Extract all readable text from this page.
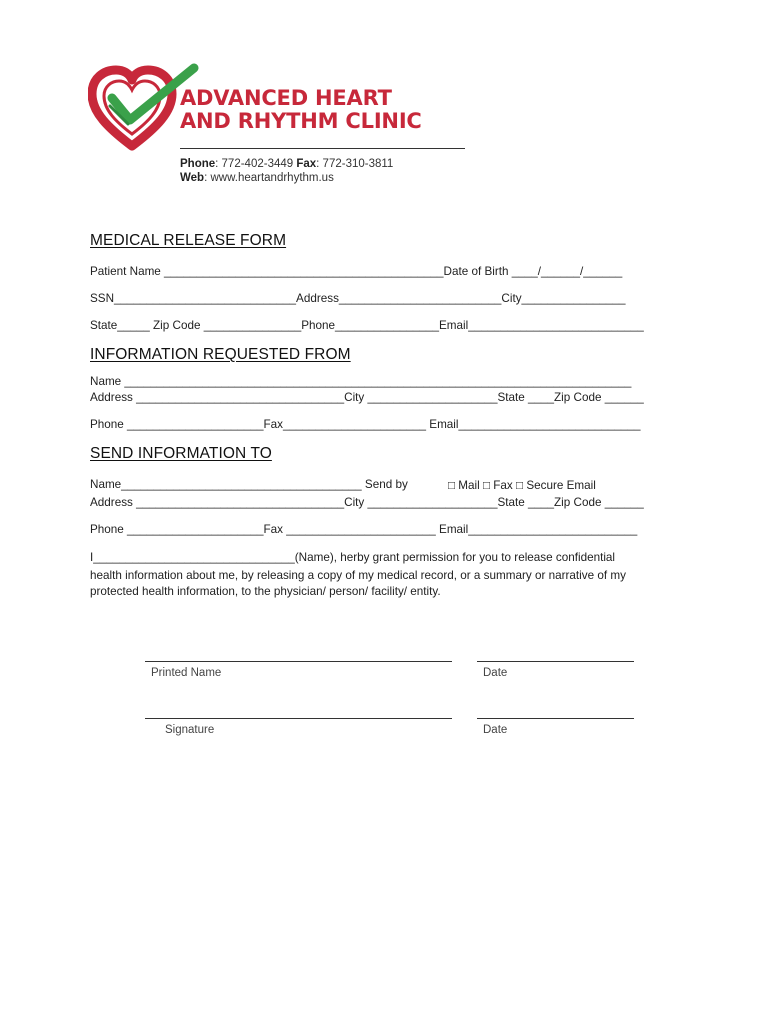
ADVANCED HEART
AND RHYTHM CLINIC
Phone: 772-402-3449 Fax: 772-310-3811
Web: www.heartandrhythm.us
MEDICAL RELEASE FORM
Patient Name ___________________________________________Date of Birth ____/______/______
SSN____________________________Address_________________________City________________
State_____ Zip Code _______________Phone________________Email___________________________
INFORMATION REQUESTED FROM
Name ______________________________________________________________________________
Address ________________________________City ____________________State ____Zip Code ______
Phone _____________________Fax______________________ Email____________________________
SEND INFORMATION TO
Name_____________________________________ Send by	□ Mail □ Fax □ Secure Email
Address ________________________________City ____________________State ____Zip Code ______
Phone _____________________Fax _______________________ Email__________________________
I_______________________________(Name), herby grant permission for you to release confidential
health information about me, by releasing a copy of my medical record, or a summary or narrative of my
protected health information, to the physician/ person/ facility/ entity.
Printed Name	Date
Signature	Date
